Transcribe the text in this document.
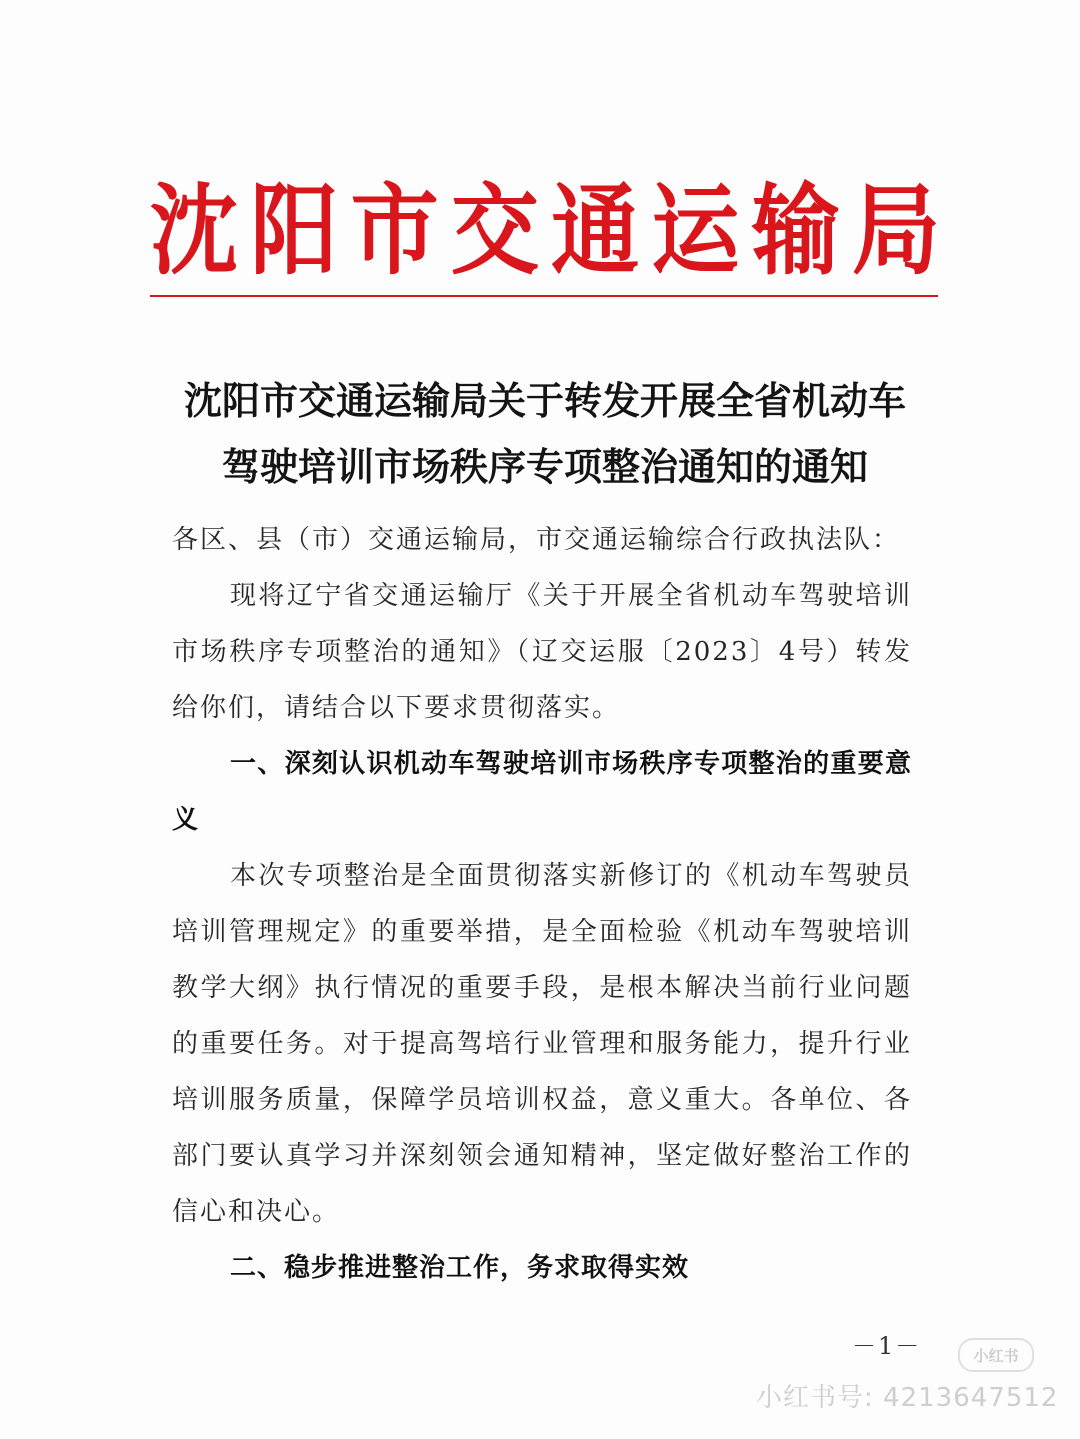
沈 阳 市 交 通 运 输 局
沈阳市交通运输局关于转发开展全省机动车
驾驶培训市场秩序专项整治通知的通知

各区、县（市）交通运输局，市交通运输综合行政执法队：

现将辽宁省交通运输厅《关于开展全省机动车驾驶培训市场秩序专项整治的通知》（辽交运服〔2023〕4号）转发给你们，请结合以下要求贯彻落实。

一、深刻认识机动车驾驶培训市场秩序专项整治的重要意义

本次专项整治是全面贯彻落实新修订的《机动车驾驶员培训管理规定》的重要举措，是全面检验《机动车驾驶培训教学大纲》执行情况的重要手段，是根本解决当前行业问题的重要任务。对于提高驾培行业管理和服务能力，提升行业培训服务质量，保障学员培训权益，意义重大。各单位、各部门要认真学习并深刻领会通知精神，坚定做好整治工作的信心和决心。

二、稳步推进整治工作，务求取得实效

－1－	小红书
小红书号: 4213647512
